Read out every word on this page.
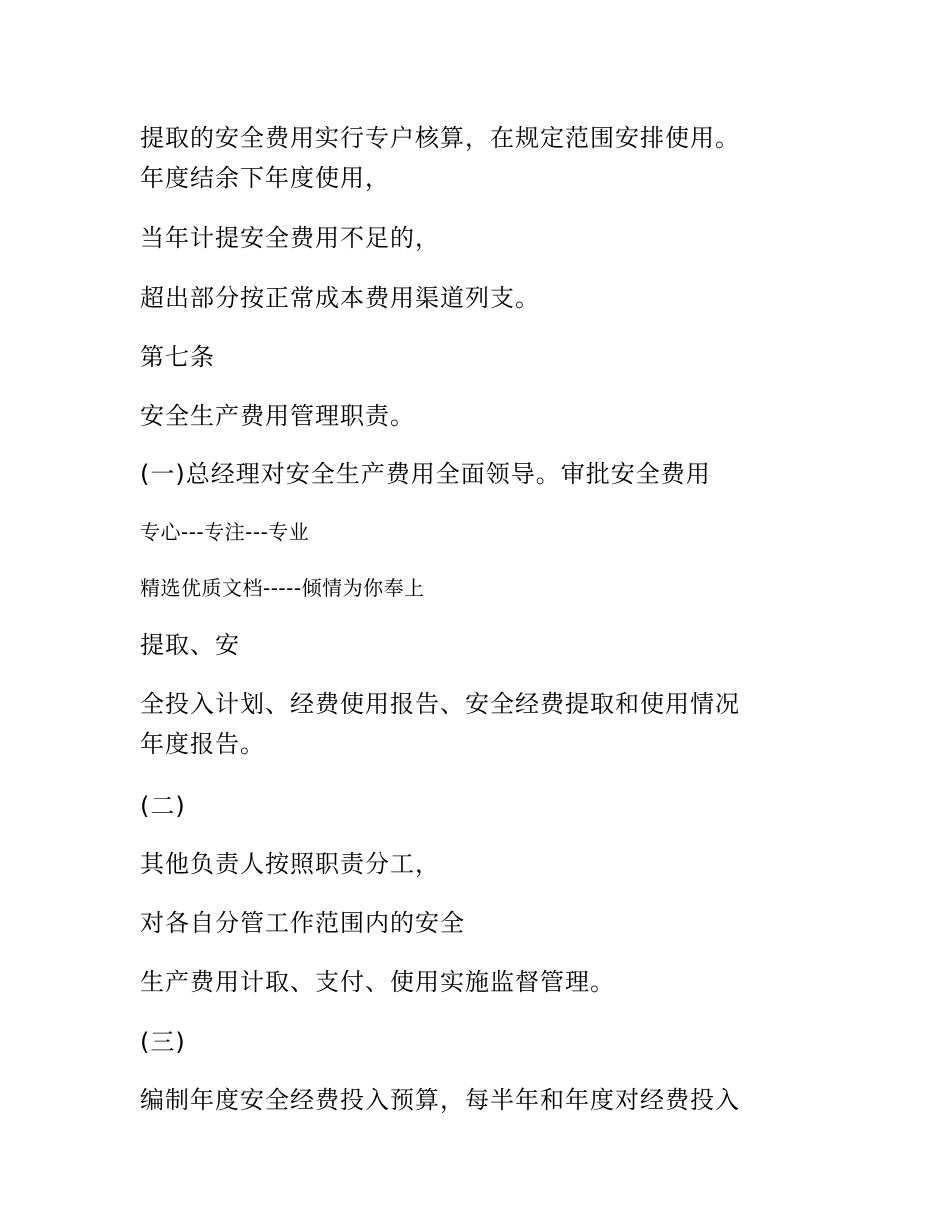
提取的安全费用实行专户核算，在规定范围安排使用。
年度结余下年度使用，
当年计提安全费用不足的，
超出部分按正常成本费用渠道列支。
第七条
安全生产费用管理职责。
(一)总经理对安全生产费用全面领导。审批安全费用
专心---专注---专业
精选优质文档-----倾情为你奉上
提取、安
全投入计划、经费使用报告、安全经费提取和使用情况
年度报告。
(二)
其他负责人按照职责分工，
对各自分管工作范围内的安全
生产费用计取、支付、使用实施监督管理。
(三)
编制年度安全经费投入预算，每半年和年度对经费投入
